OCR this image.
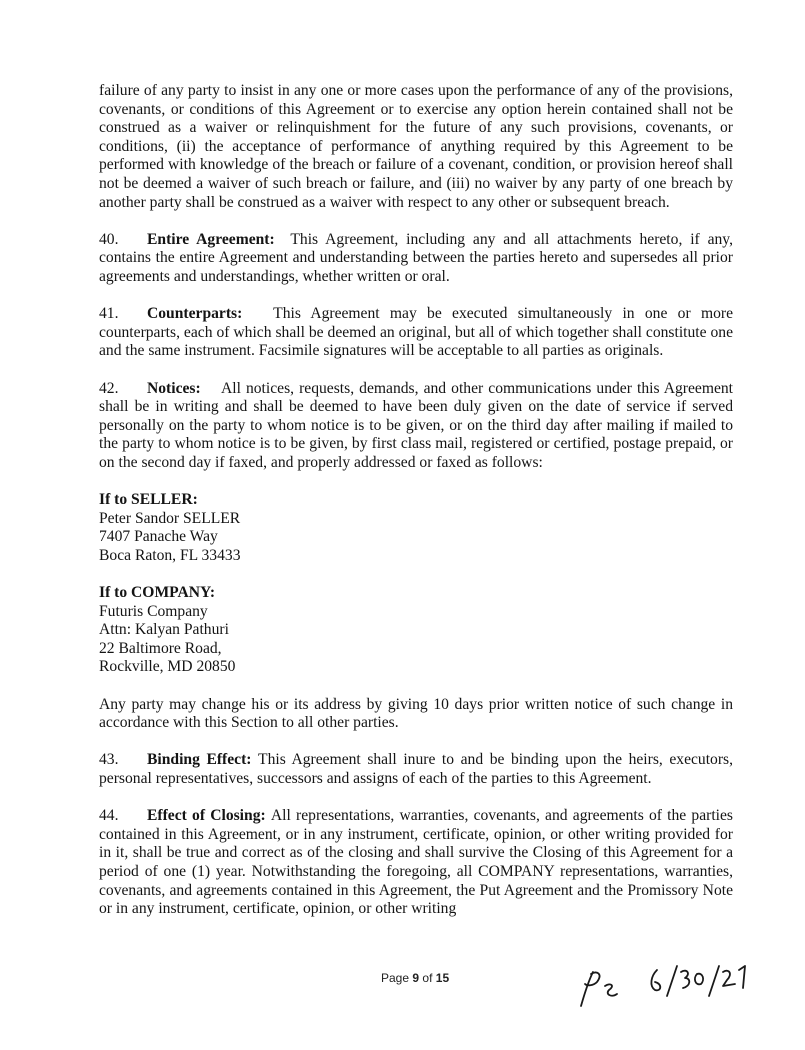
failure of any party to insist in any one or more cases upon the performance of any of the provisions, covenants, or conditions of this Agreement or to exercise any option herein contained shall not be construed as a waiver or relinquishment for the future of any such provisions, covenants, or conditions, (ii) the acceptance of performance of anything required by this Agreement to be performed with knowledge of the breach or failure of a covenant, condition, or provision hereof shall not be deemed a waiver of such breach or failure, and (iii) no waiver by any party of one breach by another party shall be construed as a waiver with respect to any other or subsequent breach.

40. Entire Agreement: This Agreement, including any and all attachments hereto, if any, contains the entire Agreement and understanding between the parties hereto and supersedes all prior agreements and understandings, whether written or oral.

41. Counterparts: This Agreement may be executed simultaneously in one or more counterparts, each of which shall be deemed an original, but all of which together shall constitute one and the same instrument. Facsimile signatures will be acceptable to all parties as originals.

42. Notices: All notices, requests, demands, and other communications under this Agreement shall be in writing and shall be deemed to have been duly given on the date of service if served personally on the party to whom notice is to be given, or on the third day after mailing if mailed to the party to whom notice is to be given, by first class mail, registered or certified, postage prepaid, or on the second day if faxed, and properly addressed or faxed as follows:

If to SELLER:
Peter Sandor SELLER
7407 Panache Way
Boca Raton, FL 33433
If to COMPANY:
Futuris Company
Attn: Kalyan Pathuri
22 Baltimore Road,
Rockville, MD 20850

Any party may change his or its address by giving 10 days prior written notice of such change in accordance with this Section to all other parties.

43. Binding Effect: This Agreement shall inure to and be binding upon the heirs, executors, personal representatives, successors and assigns of each of the parties to this Agreement.

44. Effect of Closing: All representations, warranties, covenants, and agreements of the parties contained in this Agreement, or in any instrument, certificate, opinion, or other writing provided for in it, shall be true and correct as of the closing and shall survive the Closing of this Agreement for a period of one (1) year. Notwithstanding the foregoing, all COMPANY representations, warranties, covenants, and agreements contained in this Agreement, the Put Agreement and the Promissory Note or in any instrument, certificate, opinion, or other writing

Page 9 of 15
